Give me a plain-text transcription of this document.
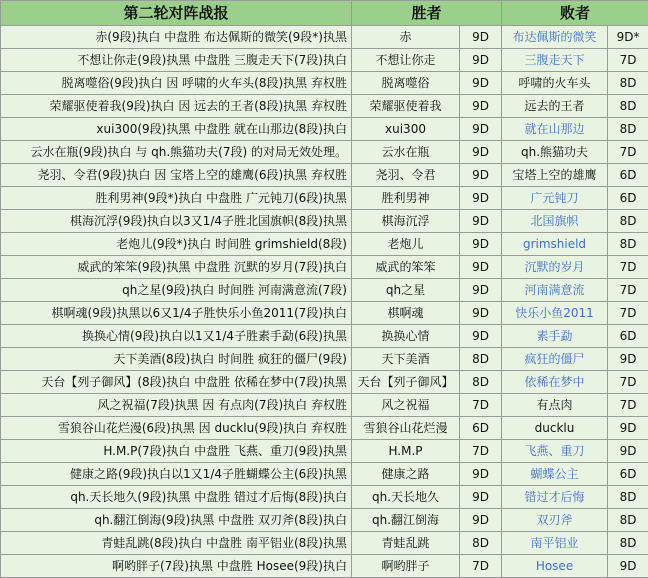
第二轮对阵战报	胜者		败者	
赤(9段)执白 中盘胜 布达佩斯的微笑(9段*)执黑	赤	9D	布达佩斯的微笑	9D*
不想让你走(9段)执黑 中盘胜 三腹走天下(7段)执白	不想让你走	9D	三腹走天下	7D
脱离噬俗(9段)执白 因 呼啸的火车头(8段)执黑 弃权胜	脱离噬俗	9D	呼啸的火车头	8D
荣耀驱使着我(9段)执白 因 远去的王者(8段)执黑 弃权胜	荣耀驱使着我	9D	远去的王者	8D
xui300(9段)执黑 中盘胜 就在山那边(8段)执白	xui300	9D	就在山那边	8D
云水在瓶(9段)执白 与 qh.熊猫功夫(7段) 的对局无效处理。	云水在瓶	9D	qh.熊猫功夫	7D
尧羽、令君(9段)执白 因 宝塔上空的雄鹰(6段)执黑 弃权胜	尧羽、令君	9D	宝塔上空的雄鹰	6D
胜利男神(9段*)执白 中盘胜 广元钝刀(6段)执黑	胜利男神	9D	广元钝刀	6D
棋海沉浮(9段)执白以3又1/4子胜北国旗帜(8段)执黑	棋海沉浮	9D	北国旗帜	8D
老炮儿(9段*)执白 时间胜 grimshield(8段)	老炮儿	9D	grimshield	8D
威武的笨笨(9段)执黑 中盘胜 沉默的岁月(7段)执白	威武的笨笨	9D	沉默的岁月	7D
qh之星(9段)执白 时间胜 河南满意流(7段)	qh之星	9D	河南满意流	7D
棋啊魂(9段)执黑以6又1/4子胜快乐小鱼2011(7段)执白	棋啊魂	9D	快乐小鱼2011	7D
换换心情(9段)执白以1又1/4子胜素手勐(6段)执黑	换换心情	9D	素手勐	6D
天下美酒(8段)执白 时间胜 疯狂的僵尸(9段)	天下美酒	8D	疯狂的僵尸	9D
天台【列子御风】(8段)执白 中盘胜 依稀在梦中(7段)执黑	天台【列子御风】	8D	依稀在梦中	7D
风之祝福(7段)执黑 因 有点肉(7段)执白 弃权胜	风之祝福	7D	有点肉	7D
雪狼谷山花烂漫(6段)执黑 因 ducklu(9段)执白 弃权胜	雪狼谷山花烂漫	6D	ducklu	9D
H.M.P(7段)执白 中盘胜 飞燕、重刀(9段)执黑	H.M.P	7D	飞燕、重刀	9D
健康之路(9段)执白以1又1/4子胜蝴蝶公主(6段)执黑	健康之路	9D	蝴蝶公主	6D
qh.天长地久(9段)执黑 中盘胜 错过才后悔(8段)执白	qh.天长地久	9D	错过才后悔	8D
qh.翻江倒海(9段)执黑 中盘胜 双刃斧(8段)执白	qh.翻江倒海	9D	双刃斧	8D
青蛙乱跳(8段)执白 中盘胜 南平铝业(8段)执黑	青蛙乱跳	8D	南平铝业	8D
啊哟胖子(7段)执黑 中盘胜 Hosee(9段)执白	啊哟胖子	7D	Hosee	9D
